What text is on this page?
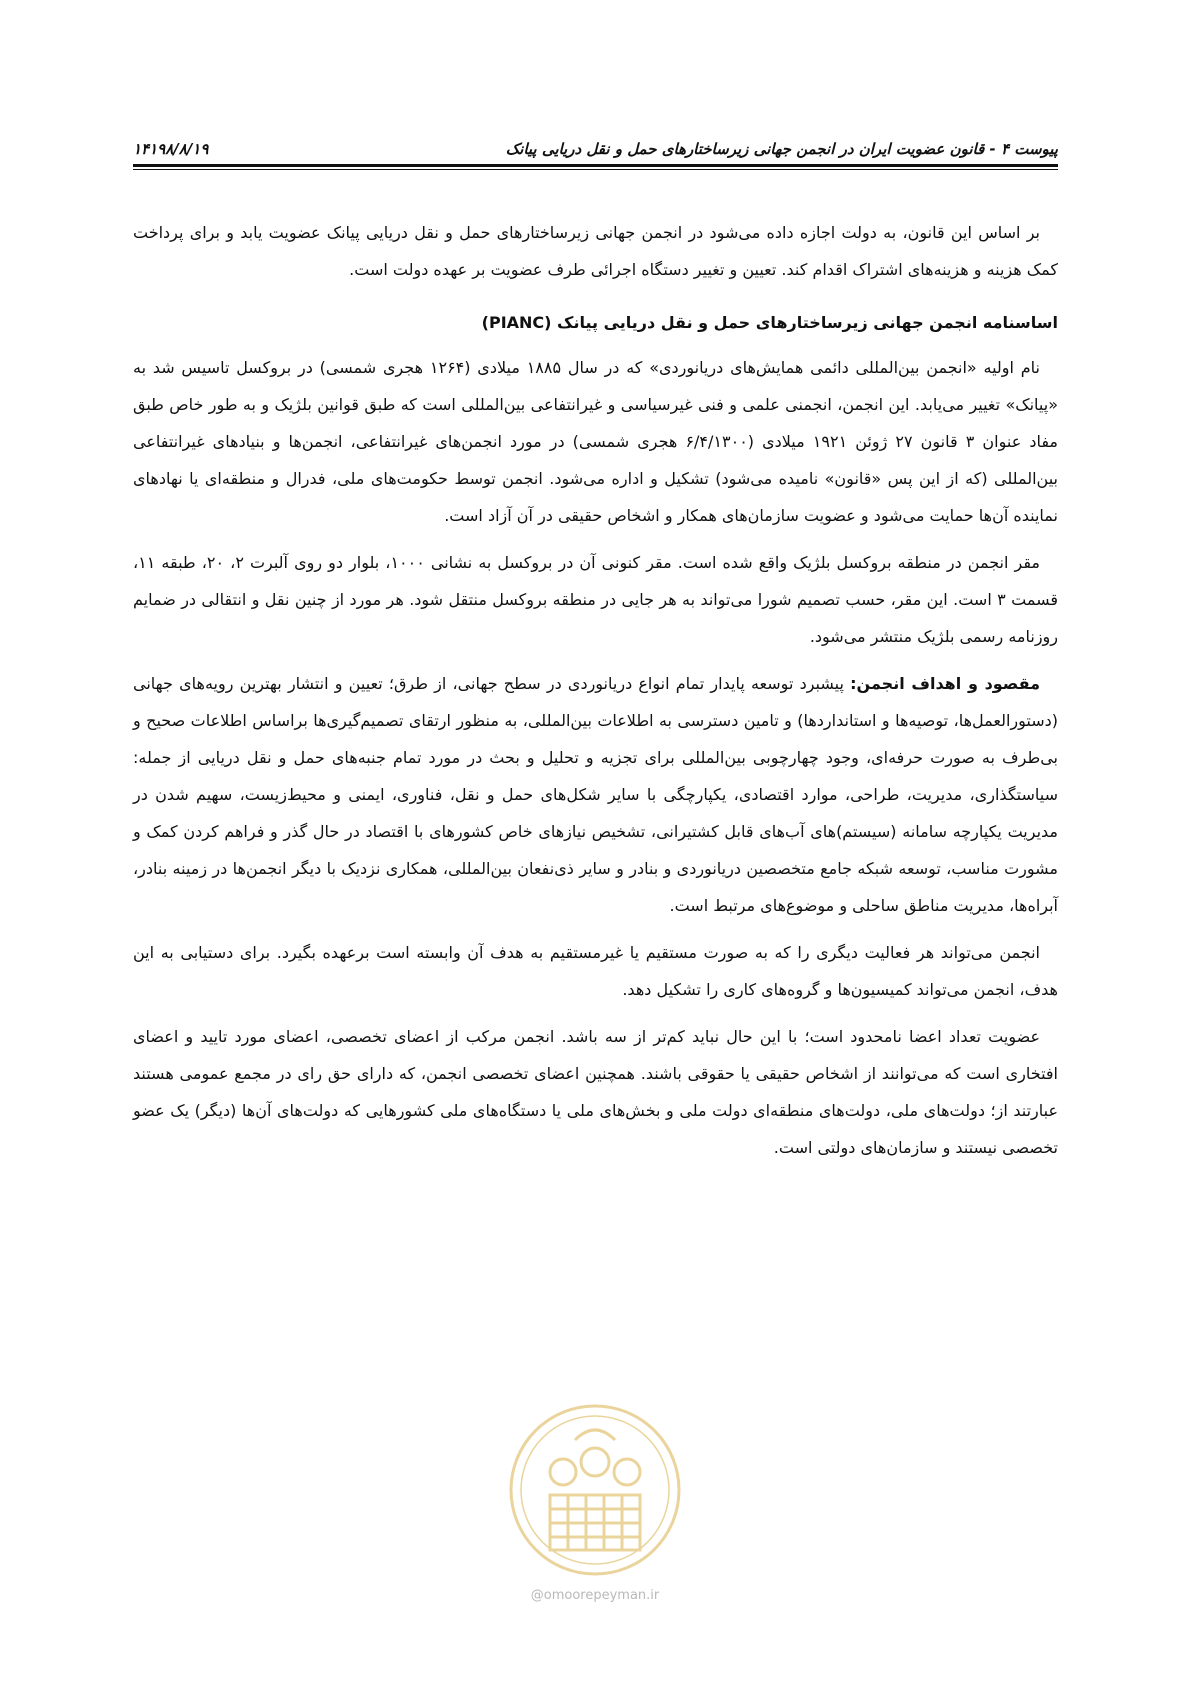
پیوست ۴ - قانون عضویت ایران در انجمن جهانی زیرساختارهای حمل و نقل دریایی پیانک
۱۴۱۹۸/۸/۱۹

بر اساس این قانون، به دولت اجازه داده می‌شود در انجمن جهانی زیرساختارهای حمل و نقل دریایی پیانک عضویت یابد و برای پرداخت کمک هزینه و هزینه‌های اشتراک اقدام کند. تعیین و تغییر دستگاه اجرائی طرف عضویت بر عهده دولت است.

اساسنامه انجمن جهانی زیرساختارهای حمل و نقل دریایی پیانک (PIANC)

نام اولیه «انجمن بین‌المللی دائمی همایش‌های دریانوردی» که در سال ۱۸۸۵ میلادی (۱۲۶۴ هجری شمسی) در بروکسل تاسیس شد به «پیانک» تغییر می‌یابد. این انجمن، انجمنی علمی و فنی غیرسیاسی و غیرانتفاعی بین‌المللی است که طبق قوانین بلژیک و به طور خاص طبق مفاد عنوان ۳ قانون ۲۷ ژوئن ۱۹۲۱ میلادی (۶/۴/۱۳۰۰ هجری شمسی) در مورد انجمن‌های غیرانتفاعی، انجمن‌ها و بنیادهای غیرانتفاعی بین‌المللی (که از این پس «قانون» نامیده می‌شود) تشکیل و اداره می‌شود. انجمن توسط حکومت‌های ملی، فدرال و منطقه‌ای یا نهادهای نماینده آن‌ها حمایت می‌شود و عضویت سازمان‌های همکار و اشخاص حقیقی در آن آزاد است.

مقر انجمن در منطقه بروکسل بلژیک واقع شده است. مقر کنونی آن در بروکسل به نشانی ۱۰۰۰، بلوار دو روی آلبرت ۲، ۲۰، طبقه ۱۱، قسمت ۳ است. این مقر، حسب تصمیم شورا می‌تواند به هر جایی در منطقه بروکسل منتقل شود. هر مورد از چنین نقل و انتقالی در ضمایم روزنامه رسمی بلژیک منتشر می‌شود.

مقصود و اهداف انجمن: پیشبرد توسعه پایدار تمام انواع دریانوردی در سطح جهانی، از طرق؛ تعیین و انتشار بهترین رویه‌های جهانی (دستورالعمل‌ها، توصیه‌ها و استانداردها) و تامین دسترسی به اطلاعات بین‌المللی، به منظور ارتقای تصمیم‌گیری‌ها براساس اطلاعات صحیح و بی‌طرف به صورت حرفه‌ای، وجود چهارچوبی بین‌المللی برای تجزیه و تحلیل و بحث در مورد تمام جنبه‌های حمل و نقل دریایی از جمله: سیاستگذاری، مدیریت، طراحی، موارد اقتصادی، یکپارچگی با سایر شکل‌های حمل و نقل، فناوری، ایمنی و محیط‌زیست، سهیم شدن در مدیریت یکپارچه سامانه (سیستم)های آب‌های قابل کشتیرانی، تشخیص نیازهای خاص کشورهای با اقتصاد در حال گذر و فراهم کردن کمک و مشورت مناسب، توسعه شبکه جامع متخصصین دریانوردی و بنادر و سایر ذی‌نفعان بین‌المللی، همکاری نزدیک با دیگر انجمن‌ها در زمینه بنادر، آبراه‌ها، مدیریت مناطق ساحلی و موضوع‌های مرتبط است.

انجمن می‌تواند هر فعالیت دیگری را که به صورت مستقیم یا غیرمستقیم به هدف آن وابسته است برعهده بگیرد. برای دستیابی به این هدف، انجمن می‌تواند کمیسیون‌ها و گروه‌های کاری را تشکیل دهد.

عضویت تعداد اعضا نامحدود است؛ با این حال نباید کم‌تر از سه باشد. انجمن مرکب از اعضای تخصصی، اعضای مورد تایید و اعضای افتخاری است که می‌توانند از اشخاص حقیقی یا حقوقی باشند. همچنین اعضای تخصصی انجمن، که دارای حق رای در مجمع عمومی هستند عبارتند از؛ دولت‌های ملی، دولت‌های منطقه‌ای دولت ملی و بخش‌های ملی یا دستگاه‌های ملی کشورهایی که دولت‌های آن‌ها (دیگر) یک عضو تخصصی نیستند و سازمان‌های دولتی است.

@omoorepeyman.ir
